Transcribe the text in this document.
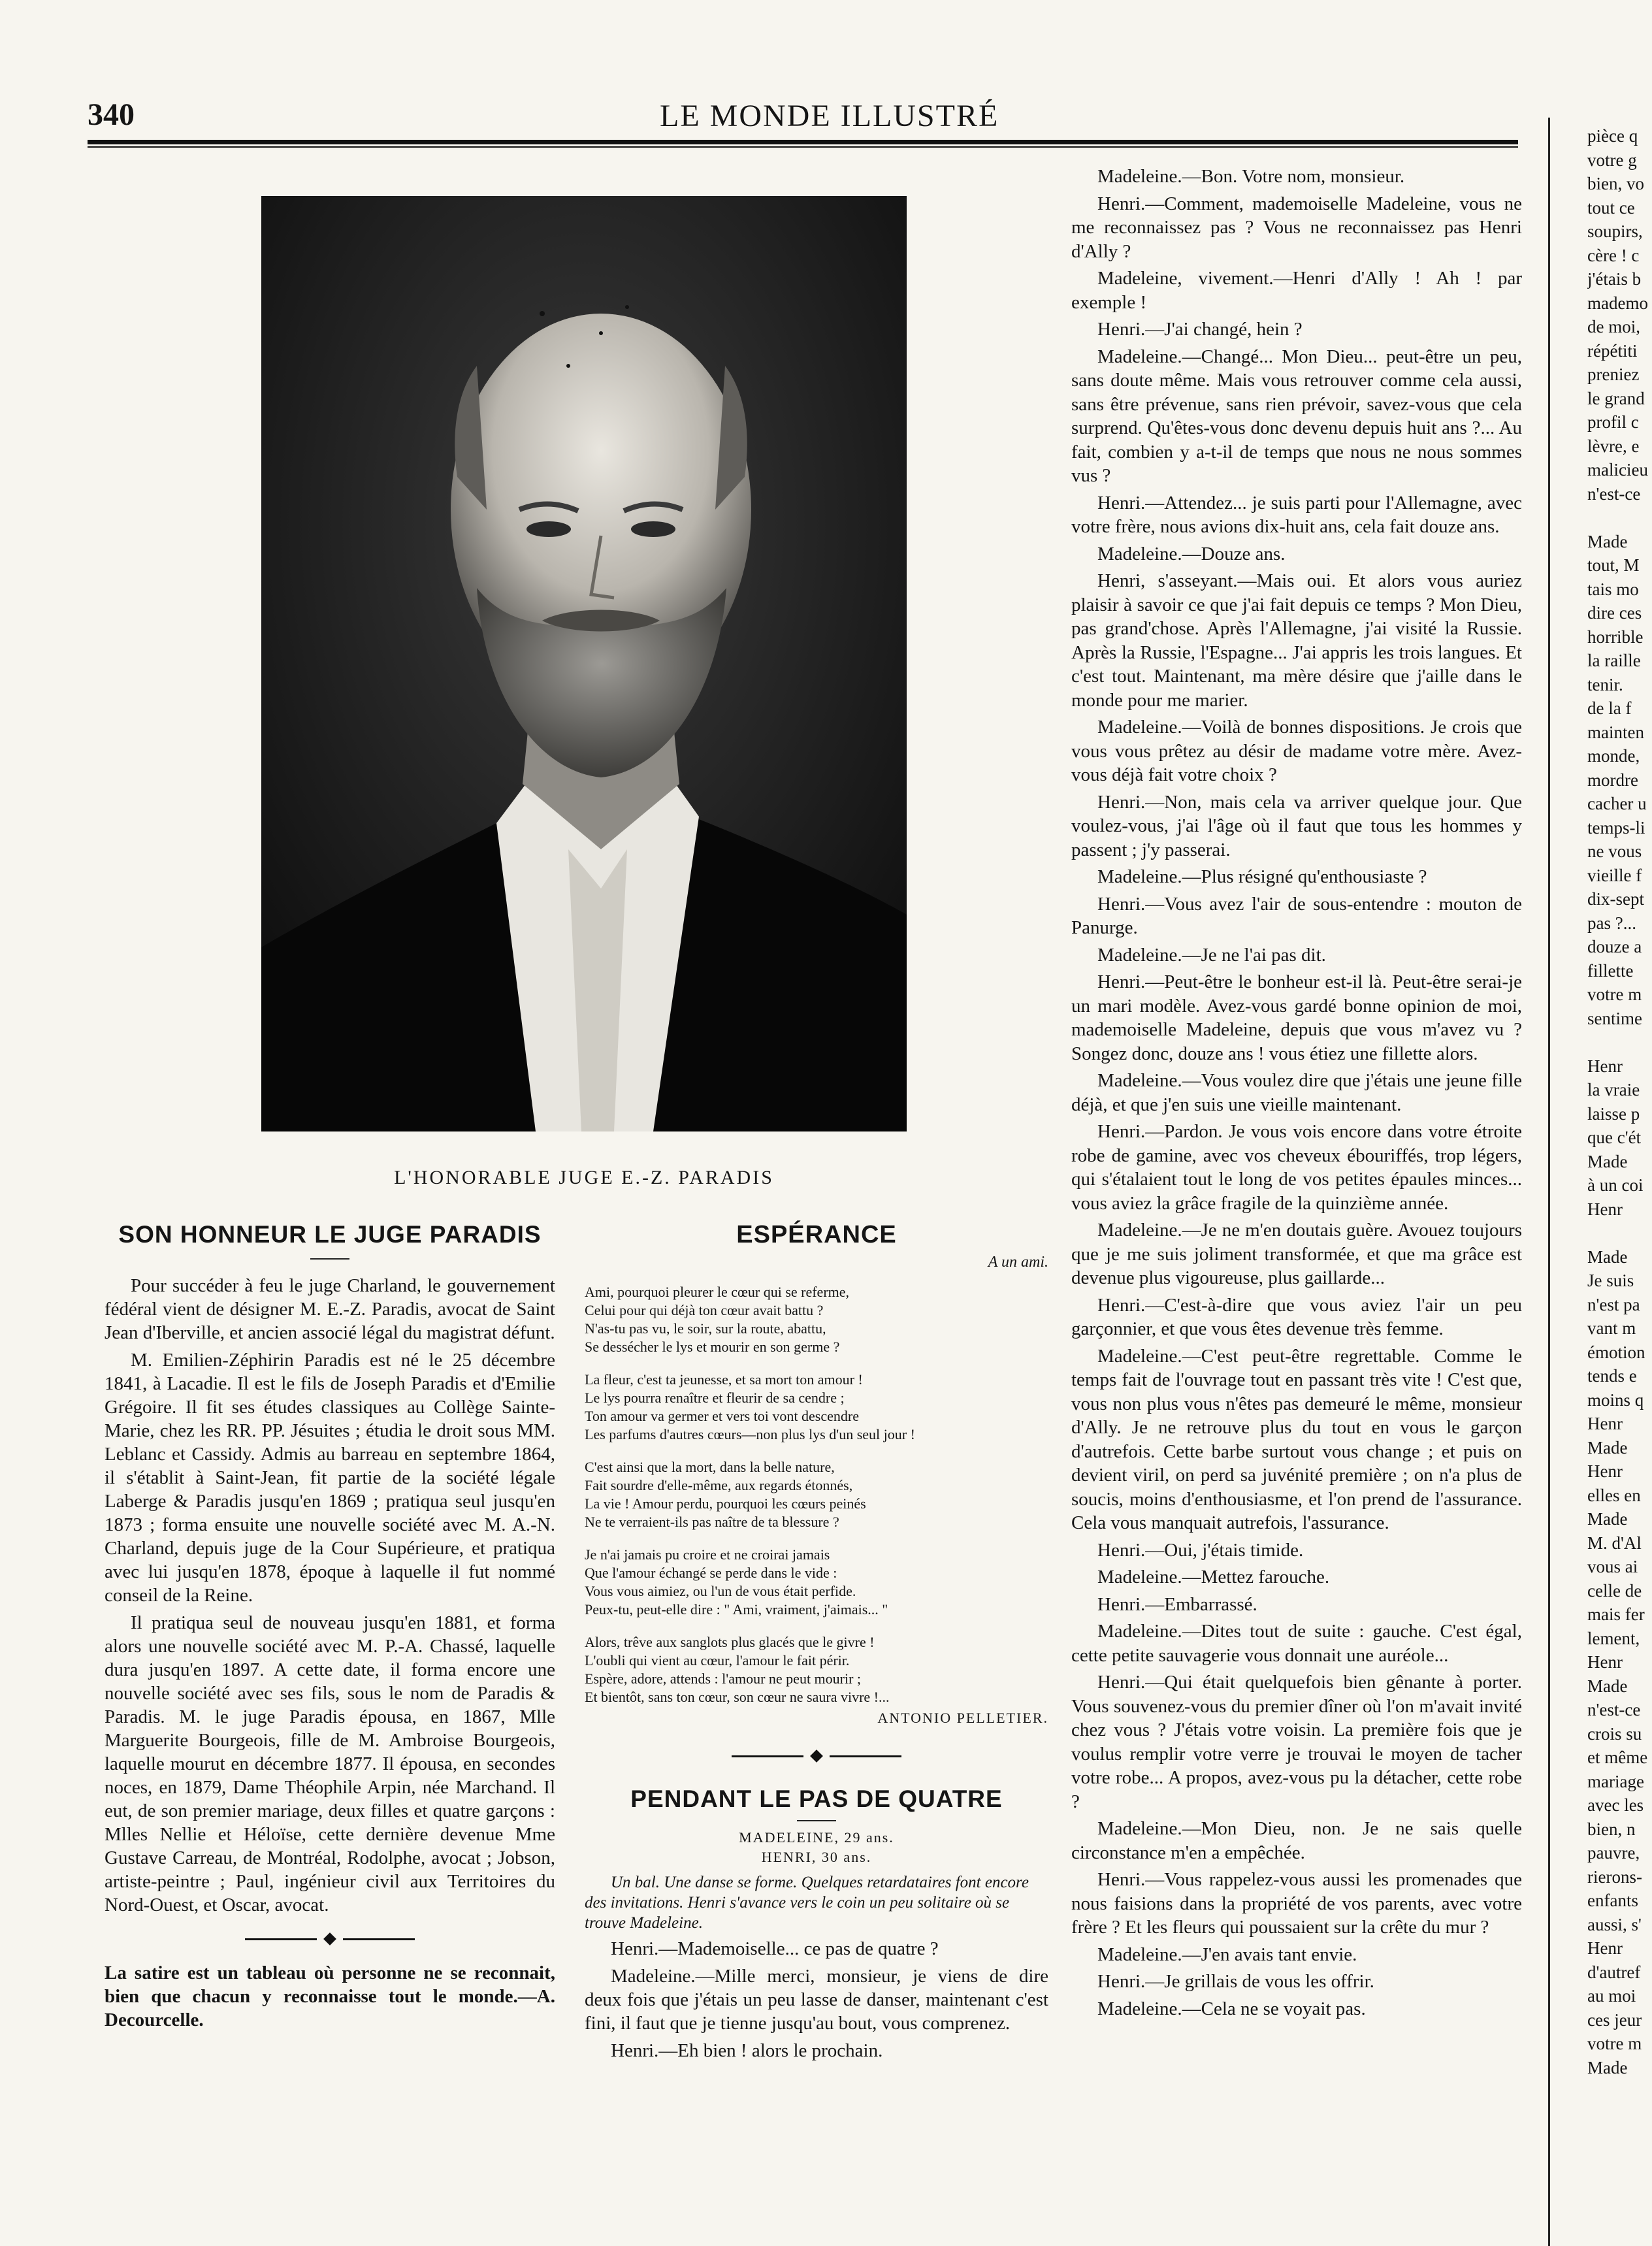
340	LE MONDE ILLUSTRÉ
L'HONORABLE JUGE E.-Z. PARADIS
SON HONNEUR LE JUGE PARADIS

Pour succéder à feu le juge Charland, le gouvernement fédéral vient de désigner M. E.-Z. Paradis, avocat de Saint Jean d'Iberville, et ancien associé légal du magistrat défunt.

M. Emilien-Zéphirin Paradis est né le 25 décembre 1841, à Lacadie. Il est le fils de Joseph Paradis et d'Emilie Grégoire. Il fit ses études classiques au Collège Sainte-Marie, chez les RR. PP. Jésuites ; étudia le droit sous MM. Leblanc et Cassidy. Admis au barreau en septembre 1864, il s'établit à Saint-Jean, fit partie de la société légale Laberge & Paradis jusqu'en 1869 ; pratiqua seul jusqu'en 1873 ; forma ensuite une nouvelle société avec M. A.-N. Charland, depuis juge de la Cour Supérieure, et pratiqua avec lui jusqu'en 1878, époque à laquelle il fut nommé conseil de la Reine.

Il pratiqua seul de nouveau jusqu'en 1881, et forma alors une nouvelle société avec M. P.-A. Chassé, laquelle dura jusqu'en 1897. A cette date, il forma encore une nouvelle société avec ses fils, sous le nom de Paradis & Paradis. M. le juge Paradis épousa, en 1867, Mlle Marguerite Bourgeois, fille de M. Ambroise Bourgeois, laquelle mourut en décembre 1877. Il épousa, en secondes noces, en 1879, Dame Théophile Arpin, née Marchand. Il eut, de son premier mariage, deux filles et quatre garçons : Mlles Nellie et Héloïse, cette dernière devenue Mme Gustave Carreau, de Montréal, Rodolphe, avocat ; Jobson, artiste-peintre ; Paul, ingénieur civil aux Territoires du Nord-Ouest, et Oscar, avocat.

La satire est un tableau où personne ne se reconnait, bien que chacun y reconnaisse tout le monde.—A. Decourcelle.

ESPÉRANCE
A un ami.
Ami, pourquoi pleurer le cœur qui se referme,
Celui pour qui déjà ton cœur avait battu ?
N'as-tu pas vu, le soir, sur la route, abattu,
Se dessécher le lys et mourir en son germe ?
La fleur, c'est ta jeunesse, et sa mort ton amour !
Le lys pourra renaître et fleurir de sa cendre ;
Ton amour va germer et vers toi vont descendre
Les parfums d'autres cœurs—non plus lys d'un seul jour !
C'est ainsi que la mort, dans la belle nature,
Fait sourdre d'elle-même, aux regards étonnés,
La vie ! Amour perdu, pourquoi les cœurs peinés
Ne te verraient-ils pas naître de ta blessure ?
Je n'ai jamais pu croire et ne croirai jamais
Que l'amour échangé se perde dans le vide :
Vous vous aimiez, ou l'un de vous était perfide.
Peux-tu, peut-elle dire : " Ami, vraiment, j'aimais... "
Alors, trêve aux sanglots plus glacés que le givre !
L'oubli qui vient au cœur, l'amour le fait périr.
Espère, adore, attends : l'amour ne peut mourir ;
Et bientôt, sans ton cœur, son cœur ne saura vivre !...
ANTONIO PELLETIER.
PENDANT LE PAS DE QUATRE
MADELEINE, 29 ans.
HENRI, 30 ans.

Un bal. Une danse se forme. Quelques retardataires font encore des invitations. Henri s'avance vers le coin un peu solitaire où se trouve Madeleine.

Henri.—Mademoiselle... ce pas de quatre ?

Madeleine.—Mille merci, monsieur, je viens de dire deux fois que j'étais un peu lasse de danser, maintenant c'est fini, il faut que je tienne jusqu'au bout, vous comprenez.

Henri.—Eh bien ! alors le prochain.

Madeleine.—Bon. Votre nom, monsieur.

Henri.—Comment, mademoiselle Madeleine, vous ne me reconnaissez pas ? Vous ne reconnaissez pas Henri d'Ally ?

Madeleine, vivement.—Henri d'Ally ! Ah ! par exemple !

Henri.—J'ai changé, hein ?

Madeleine.—Changé... Mon Dieu... peut-être un peu, sans doute même. Mais vous retrouver comme cela aussi, sans être prévenue, sans rien prévoir, savez-vous que cela surprend. Qu'êtes-vous donc devenu depuis huit ans ?... Au fait, combien y a-t-il de temps que nous ne nous sommes vus ?

Henri.—Attendez... je suis parti pour l'Allemagne, avec votre frère, nous avions dix-huit ans, cela fait douze ans.

Madeleine.—Douze ans.

Henri, s'asseyant.—Mais oui. Et alors vous auriez plaisir à savoir ce que j'ai fait depuis ce temps ? Mon Dieu, pas grand'chose. Après l'Allemagne, j'ai visité la Russie. Après la Russie, l'Espagne... J'ai appris les trois langues. Et c'est tout. Maintenant, ma mère désire que j'aille dans le monde pour me marier.

Madeleine.—Voilà de bonnes dispositions. Je crois que vous vous prêtez au désir de madame votre mère. Avez-vous déjà fait votre choix ?

Henri.—Non, mais cela va arriver quelque jour. Que voulez-vous, j'ai l'âge où il faut que tous les hommes y passent ; j'y passerai.

Madeleine.—Plus résigné qu'enthousiaste ?

Henri.—Vous avez l'air de sous-entendre : mouton de Panurge.

Madeleine.—Je ne l'ai pas dit.

Henri.—Peut-être le bonheur est-il là. Peut-être serai-je un mari modèle. Avez-vous gardé bonne opinion de moi, mademoiselle Madeleine, depuis que vous m'avez vu ? Songez donc, douze ans ! vous étiez une fillette alors.

Madeleine.—Vous voulez dire que j'étais une jeune fille déjà, et que j'en suis une vieille maintenant.

Henri.—Pardon. Je vous vois encore dans votre étroite robe de gamine, avec vos cheveux ébouriffés, trop légers, qui s'étalaient tout le long de vos petites épaules minces... vous aviez la grâce fragile de la quinzième année.

Madeleine.—Je ne m'en doutais guère. Avouez toujours que je me suis joliment transformée, et que ma grâce est devenue plus vigoureuse, plus gaillarde...

Henri.—C'est-à-dire que vous aviez l'air un peu garçonnier, et que vous êtes devenue très femme.

Madeleine.—C'est peut-être regrettable. Comme le temps fait de l'ouvrage tout en passant très vite ! C'est que, vous non plus vous n'êtes pas demeuré le même, monsieur d'Ally. Je ne retrouve plus du tout en vous le garçon d'autrefois. Cette barbe surtout vous change ; et puis on devient viril, on perd sa juvénité première ; on n'a plus de soucis, moins d'enthousiasme, et l'on prend de l'assurance. Cela vous manquait autrefois, l'assurance.

Henri.—Oui, j'étais timide.

Madeleine.—Mettez farouche.

Henri.—Embarrassé.

Madeleine.—Dites tout de suite : gauche. C'est égal, cette petite sauvagerie vous donnait une auréole...

Henri.—Qui était quelquefois bien gênante à porter. Vous souvenez-vous du premier dîner où l'on m'avait invité chez vous ? J'étais votre voisin. La première fois que je voulus remplir votre verre je trouvai le moyen de tacher votre robe... A propos, avez-vous pu la détacher, cette robe ?

Madeleine.—Mon Dieu, non. Je ne sais quelle circonstance m'en a empêchée.

Henri.—Vous rappelez-vous aussi les promenades que nous faisions dans la propriété de vos parents, avec votre frère ? Et les fleurs qui poussaient sur la crête du mur ?

Madeleine.—J'en avais tant envie.

Henri.—Je grillais de vous les offrir.

Madeleine.—Cela ne se voyait pas.

pièce q
votre g
bien, vo
tout ce
soupirs,
cère ! c
j'étais b
mademo
de moi,
répétiti
preniez
le grand
profil c
lèvre, e
malicieu
n'est-ce
Made
tout, M
tais mo
dire ces
horrible
la raille
tenir.
de la f
mainten
monde,
mordre
cacher u
temps-li
ne vous
vieille f
dix-sept
pas ?...
douze a
fillette
votre m
sentime
Henr
la vraie
laisse p
que c'ét
Made
à un coi
Henr
Made
Je suis
n'est pa
vant m
émotion
tends e
moins q
Henr
Made
Henr
elles en
Made
M. d'Al
vous ai
celle de
mais fer
lement,
Henr
Made
n'est-ce
crois su
et même
mariage
avec les
bien, n
pauvre,
rierons-
enfants
aussi, s'
Henr
d'autref
au moi
ces jeur
votre m
Made
